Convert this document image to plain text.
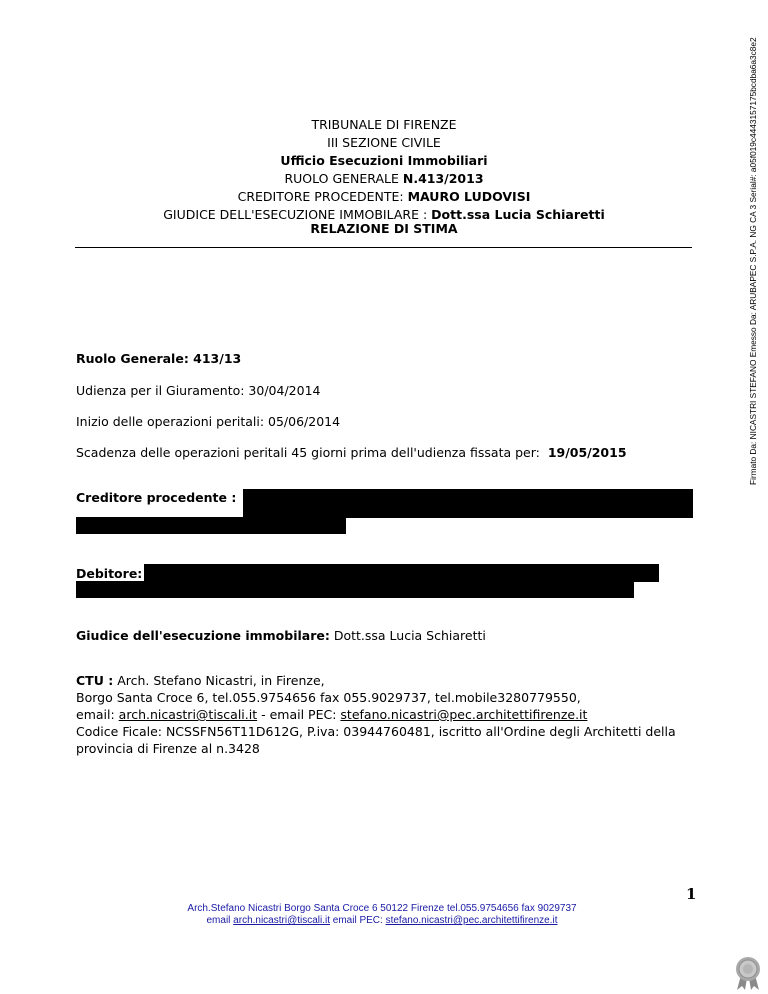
TRIBUNALE DI FIRENZE
III SEZIONE CIVILE
Ufficio Esecuzioni Immobiliari
RUOLO GENERALE N.413/2013
CREDITORE PROCEDENTE: MAURO LUDOVISI
GIUDICE DELL'ESECUZIONE IMMOBILARE : Dott.ssa Lucia Schiaretti
RELAZIONE DI STIMA
Ruolo Generale: 413/13
Udienza per il Giuramento: 30/04/2014
Inizio delle operazioni peritali: 05/06/2014
Scadenza delle operazioni peritali 45 giorni prima dell'udienza fissata per: 19/05/2015
Creditore procedente :
Debitore:
Giudice dell'esecuzione immobilare: Dott.ssa Lucia Schiaretti
CTU : Arch. Stefano Nicastri, in Firenze,
Borgo Santa Croce 6, tel.055.9754656 fax 055.9029737, tel.mobile3280779550,
email: arch.nicastri@tiscali.it - email PEC: stefano.nicastri@pec.architettifirenze.it
Codice Ficale: NCSSFN56T11D612G, P.iva: 03944760481, iscritto all'Ordine degli Architetti della
provincia di Firenze al n.3428
1
Arch.Stefano Nicastri Borgo Santa Croce 6 50122 Firenze tel.055.9754656 fax 9029737
email arch.nicastri@tiscali.it email PEC: stefano.nicastri@pec.architettifirenze.it
Firmato Da: NICASTRI STEFANO Emesso Da: ARUBAPEC S.P.A. NG CA 3 Serial#: a05f019c4443157175bcdba6a3c8e2
